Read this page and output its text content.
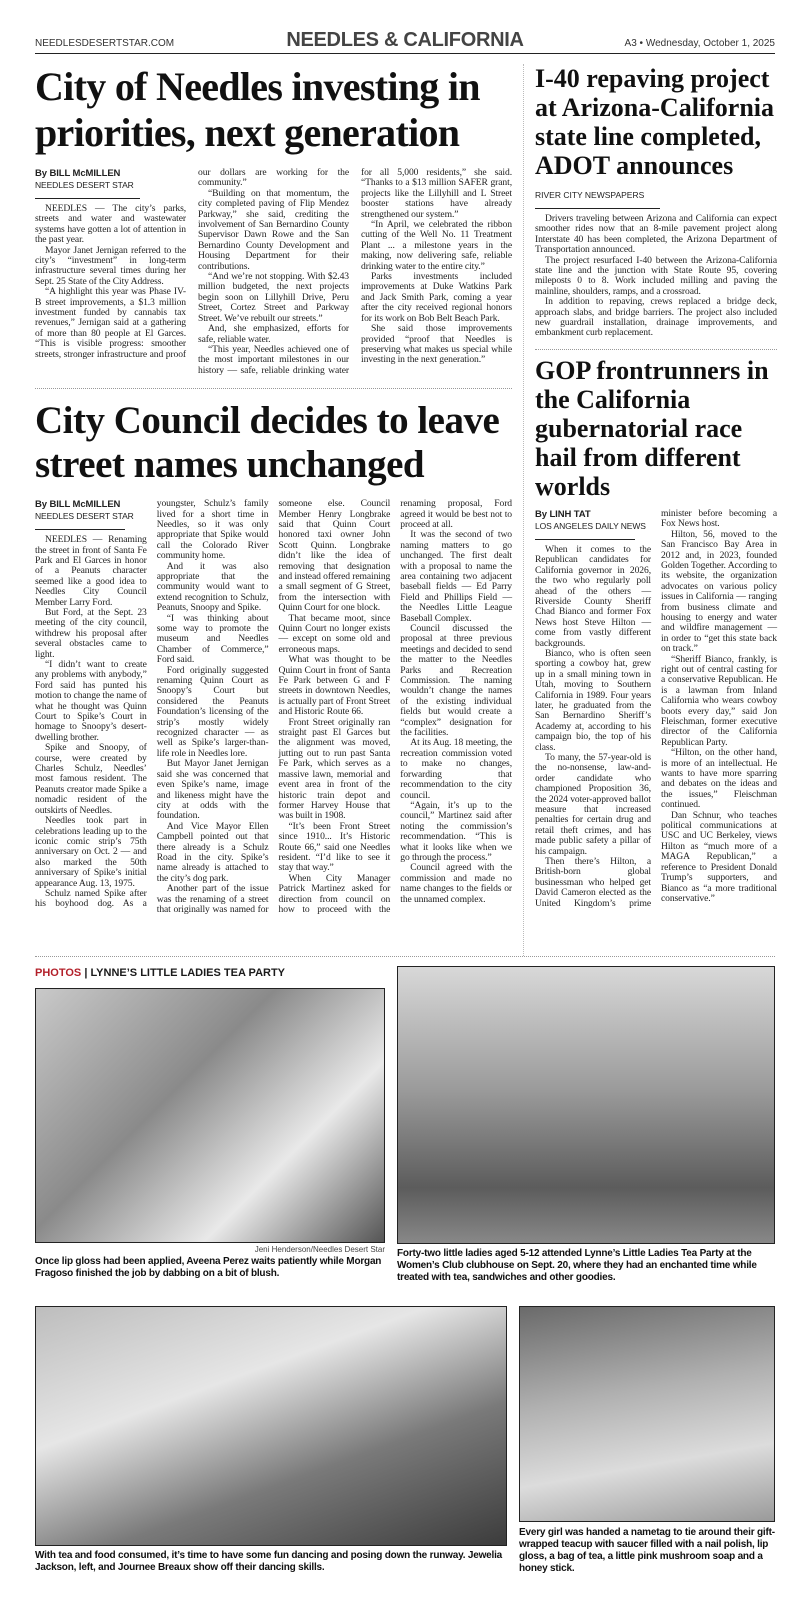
NEEDLESDESERTSTAR.COM	NEEDLES & CALIFORNIA	A3 • Wednesday, October 1, 2025
City of Needles investing in priorities, next generation
By BILL McMILLEN
NEEDLES DESERT STAR

NEEDLES — The city’s parks, streets and water and wastewater systems have gotten a lot of attention in the past year.

Mayor Janet Jernigan referred to the city’s “investment” in long-term infrastructure several times during her Sept. 25 State of the City Address.

“A highlight this year was Phase IV-B street improvements, a $1.3 million investment funded by cannabis tax revenues,” Jernigan said at a gathering of more than 80 people at El Garces. “This is visible progress: smoother streets, stronger infrastructure and proof our dollars are working for the community.”

“Building on that momentum, the city completed paving of Flip Mendez Parkway,” she said, crediting the involvement of San Bernardino County Supervisor Dawn Rowe and the San Bernardino County Development and Housing Department for their contributions.

“And we’re not stopping. With $2.43 million budgeted, the next projects begin soon on Lillyhill Drive, Peru Street, Cortez Street and Parkway Street. We’ve rebuilt our streets.”

And, she emphasized, efforts for safe, reliable water.

“This year, Needles achieved one of the most important milestones in our history — safe, reliable drinking water for all 5,000 residents,” she said. “Thanks to a $13 million SAFER grant, projects like the Lillyhill and L Street booster stations have already strengthened our system.”

“In April, we celebrated the ribbon cutting of the Well No. 11 Treatment Plant ... a milestone years in the making, now delivering safe, reliable drinking water to the entire city.”

Parks investments included improvements at Duke Watkins Park and Jack Smith Park, coming a year after the city received regional honors for its work on Bob Belt Beach Park.

She said those improvements provided “proof that Needles is preserving what makes us special while investing in the next generation.”

City Council decides to leave street names unchanged
By BILL McMILLEN
NEEDLES DESERT STAR

NEEDLES — Renaming the street in front of Santa Fe Park and El Garces in honor of a Peanuts character seemed like a good idea to Needles City Council Member Larry Ford.

But Ford, at the Sept. 23 meeting of the city council, withdrew his proposal after several obstacles came to light.

“I didn’t want to create any problems with anybody,” Ford said has punted his motion to change the name of what he thought was Quinn Court to Spike’s Court in homage to Snoopy’s desert-dwelling brother.

Spike and Snoopy, of course, were created by Charles Schulz, Needles’ most famous resident. The Peanuts creator made Spike a nomadic resident of the outskirts of Needles.

Needles took part in celebrations leading up to the iconic comic strip’s 75th anniversary on Oct. 2 — and also marked the 50th anniversary of Spike’s initial appearance Aug. 13, 1975.

Schulz named Spike after his boyhood dog. As a youngster, Schulz’s family lived for a short time in Needles, so it was only appropriate that Spike would call the Colorado River community home.

And it was also appropriate that the community would want to extend recognition to Schulz, Peanuts, Snoopy and Spike.

“I was thinking about some way to promote the museum and Needles Chamber of Commerce,” Ford said.

Ford originally suggested renaming Quinn Court as Snoopy’s Court but considered the Peanuts Foundation’s licensing of the strip’s mostly widely recognized character — as well as Spike’s larger-than-life role in Needles lore.

But Mayor Janet Jernigan said she was concerned that even Spike’s name, image and likeness might have the city at odds with the foundation.

And Vice Mayor Ellen Campbell pointed out that there already is a Schulz Road in the city. Spike’s name already is attached to the city’s dog park.

Another part of the issue was the renaming of a street that originally was named for someone else. Council Member Henry Longbrake said that Quinn Court honored taxi owner John Scott Quinn. Longbrake didn’t like the idea of removing that designation and instead offered remaining a small segment of G Street, from the intersection with Quinn Court for one block.

That became moot, since Quinn Court no longer exists — except on some old and erroneous maps.

What was thought to be Quinn Court in front of Santa Fe Park between G and F streets in downtown Needles, is actually part of Front Street and Historic Route 66.

Front Street originally ran straight past El Garces but the alignment was moved, jutting out to run past Santa Fe Park, which serves as a massive lawn, memorial and event area in front of the historic train depot and former Harvey House that was built in 1908.

“It’s been Front Street since 1910... It’s Historic Route 66,” said one Needles resident. “I’d like to see it stay that way.”

When City Manager Patrick Martinez asked for direction from council on how to proceed with the renaming proposal, Ford agreed it would be best not to proceed at all.

It was the second of two naming matters to go unchanged. The first dealt with a proposal to name the area containing two adjacent baseball fields — Ed Parry Field and Phillips Field — the Needles Little League Baseball Complex.

Council discussed the proposal at three previous meetings and decided to send the matter to the Needles Parks and Recreation Commission. The naming wouldn’t change the names of the existing individual fields but would create a “complex” designation for the facilities.

At its Aug. 18 meeting, the recreation commission voted to make no changes, forwarding that recommendation to the city council.

“Again, it’s up to the council,” Martinez said after noting the commission’s recommendation. “This is what it looks like when we go through the process.”

Council agreed with the commission and made no name changes to the fields or the unnamed complex.

I-40 repaving project at Arizona-California state line completed, ADOT announces
RIVER CITY NEWSPAPERS

Drivers traveling between Arizona and California can expect smoother rides now that an 8-mile pavement project along Interstate 40 has been completed, the Arizona Department of Transportation announced.

The project resurfaced I-40 between the Arizona-California state line and the junction with State Route 95, covering mileposts 0 to 8. Work included milling and paving the mainline, shoulders, ramps, and a crossroad.

In addition to repaving, crews replaced a bridge deck, approach slabs, and bridge barriers. The project also included new guardrail installation, drainage improvements, and embankment curb replacement.

GOP frontrunners in the California gubernatorial race hail from different worlds
By LINH TAT
LOS ANGELES DAILY NEWS

When it comes to the Republican candidates for California governor in 2026, the two who regularly poll ahead of the others — Riverside County Sheriff Chad Bianco and former Fox News host Steve Hilton — come from vastly different backgrounds.

Bianco, who is often seen sporting a cowboy hat, grew up in a small mining town in Utah, moving to Southern California in 1989. Four years later, he graduated from the San Bernardino Sheriff’s Academy at, according to his campaign bio, the top of his class.

To many, the 57-year-old is the no-nonsense, law-and-order candidate who championed Proposition 36, the 2024 voter-approved ballot measure that increased penalties for certain drug and retail theft crimes, and has made public safety a pillar of his campaign.

Then there’s Hilton, a British-born global businessman who helped get David Cameron elected as the United Kingdom’s prime minister before becoming a Fox News host.

Hilton, 56, moved to the San Francisco Bay Area in 2012 and, in 2023, founded Golden Together. According to its website, the organization advocates on various policy issues in California — ranging from business climate and housing to energy and water and wildfire management — in order to “get this state back on track.”

“Sheriff Bianco, frankly, is right out of central casting for a conservative Republican. He is a lawman from Inland California who wears cowboy boots every day,” said Jon Fleischman, former executive director of the California Republican Party.

“Hilton, on the other hand, is more of an intellectual. He wants to have more sparring and debates on the ideas and the issues,” Fleischman continued.

Dan Schnur, who teaches political communications at USC and UC Berkeley, views Hilton as “much more of a MAGA Republican,” a reference to President Donald Trump’s supporters, and Bianco as “a more traditional conservative.”

PHOTOS | LYNNE’S LITTLE LADIES TEA PARTY
Jeni Henderson/Needles Desert Star
Once lip gloss had been applied, Aveena Perez waits patiently while Morgan Fragoso finished the job by dabbing on a bit of blush.
Forty-two little ladies aged 5-12 attended Lynne’s Little Ladies Tea Party at the Women’s Club clubhouse on Sept. 20, where they had an enchanted time while treated with tea, sandwiches and other goodies.
With tea and food consumed, it’s time to have some fun dancing and posing down the runway. Jewelia Jackson, left, and Journee Breaux show off their dancing skills.
Every girl was handed a nametag to tie around their gift-wrapped teacup with saucer filled with a nail polish, lip gloss, a bag of tea, a little pink mushroom soap and a honey stick.
